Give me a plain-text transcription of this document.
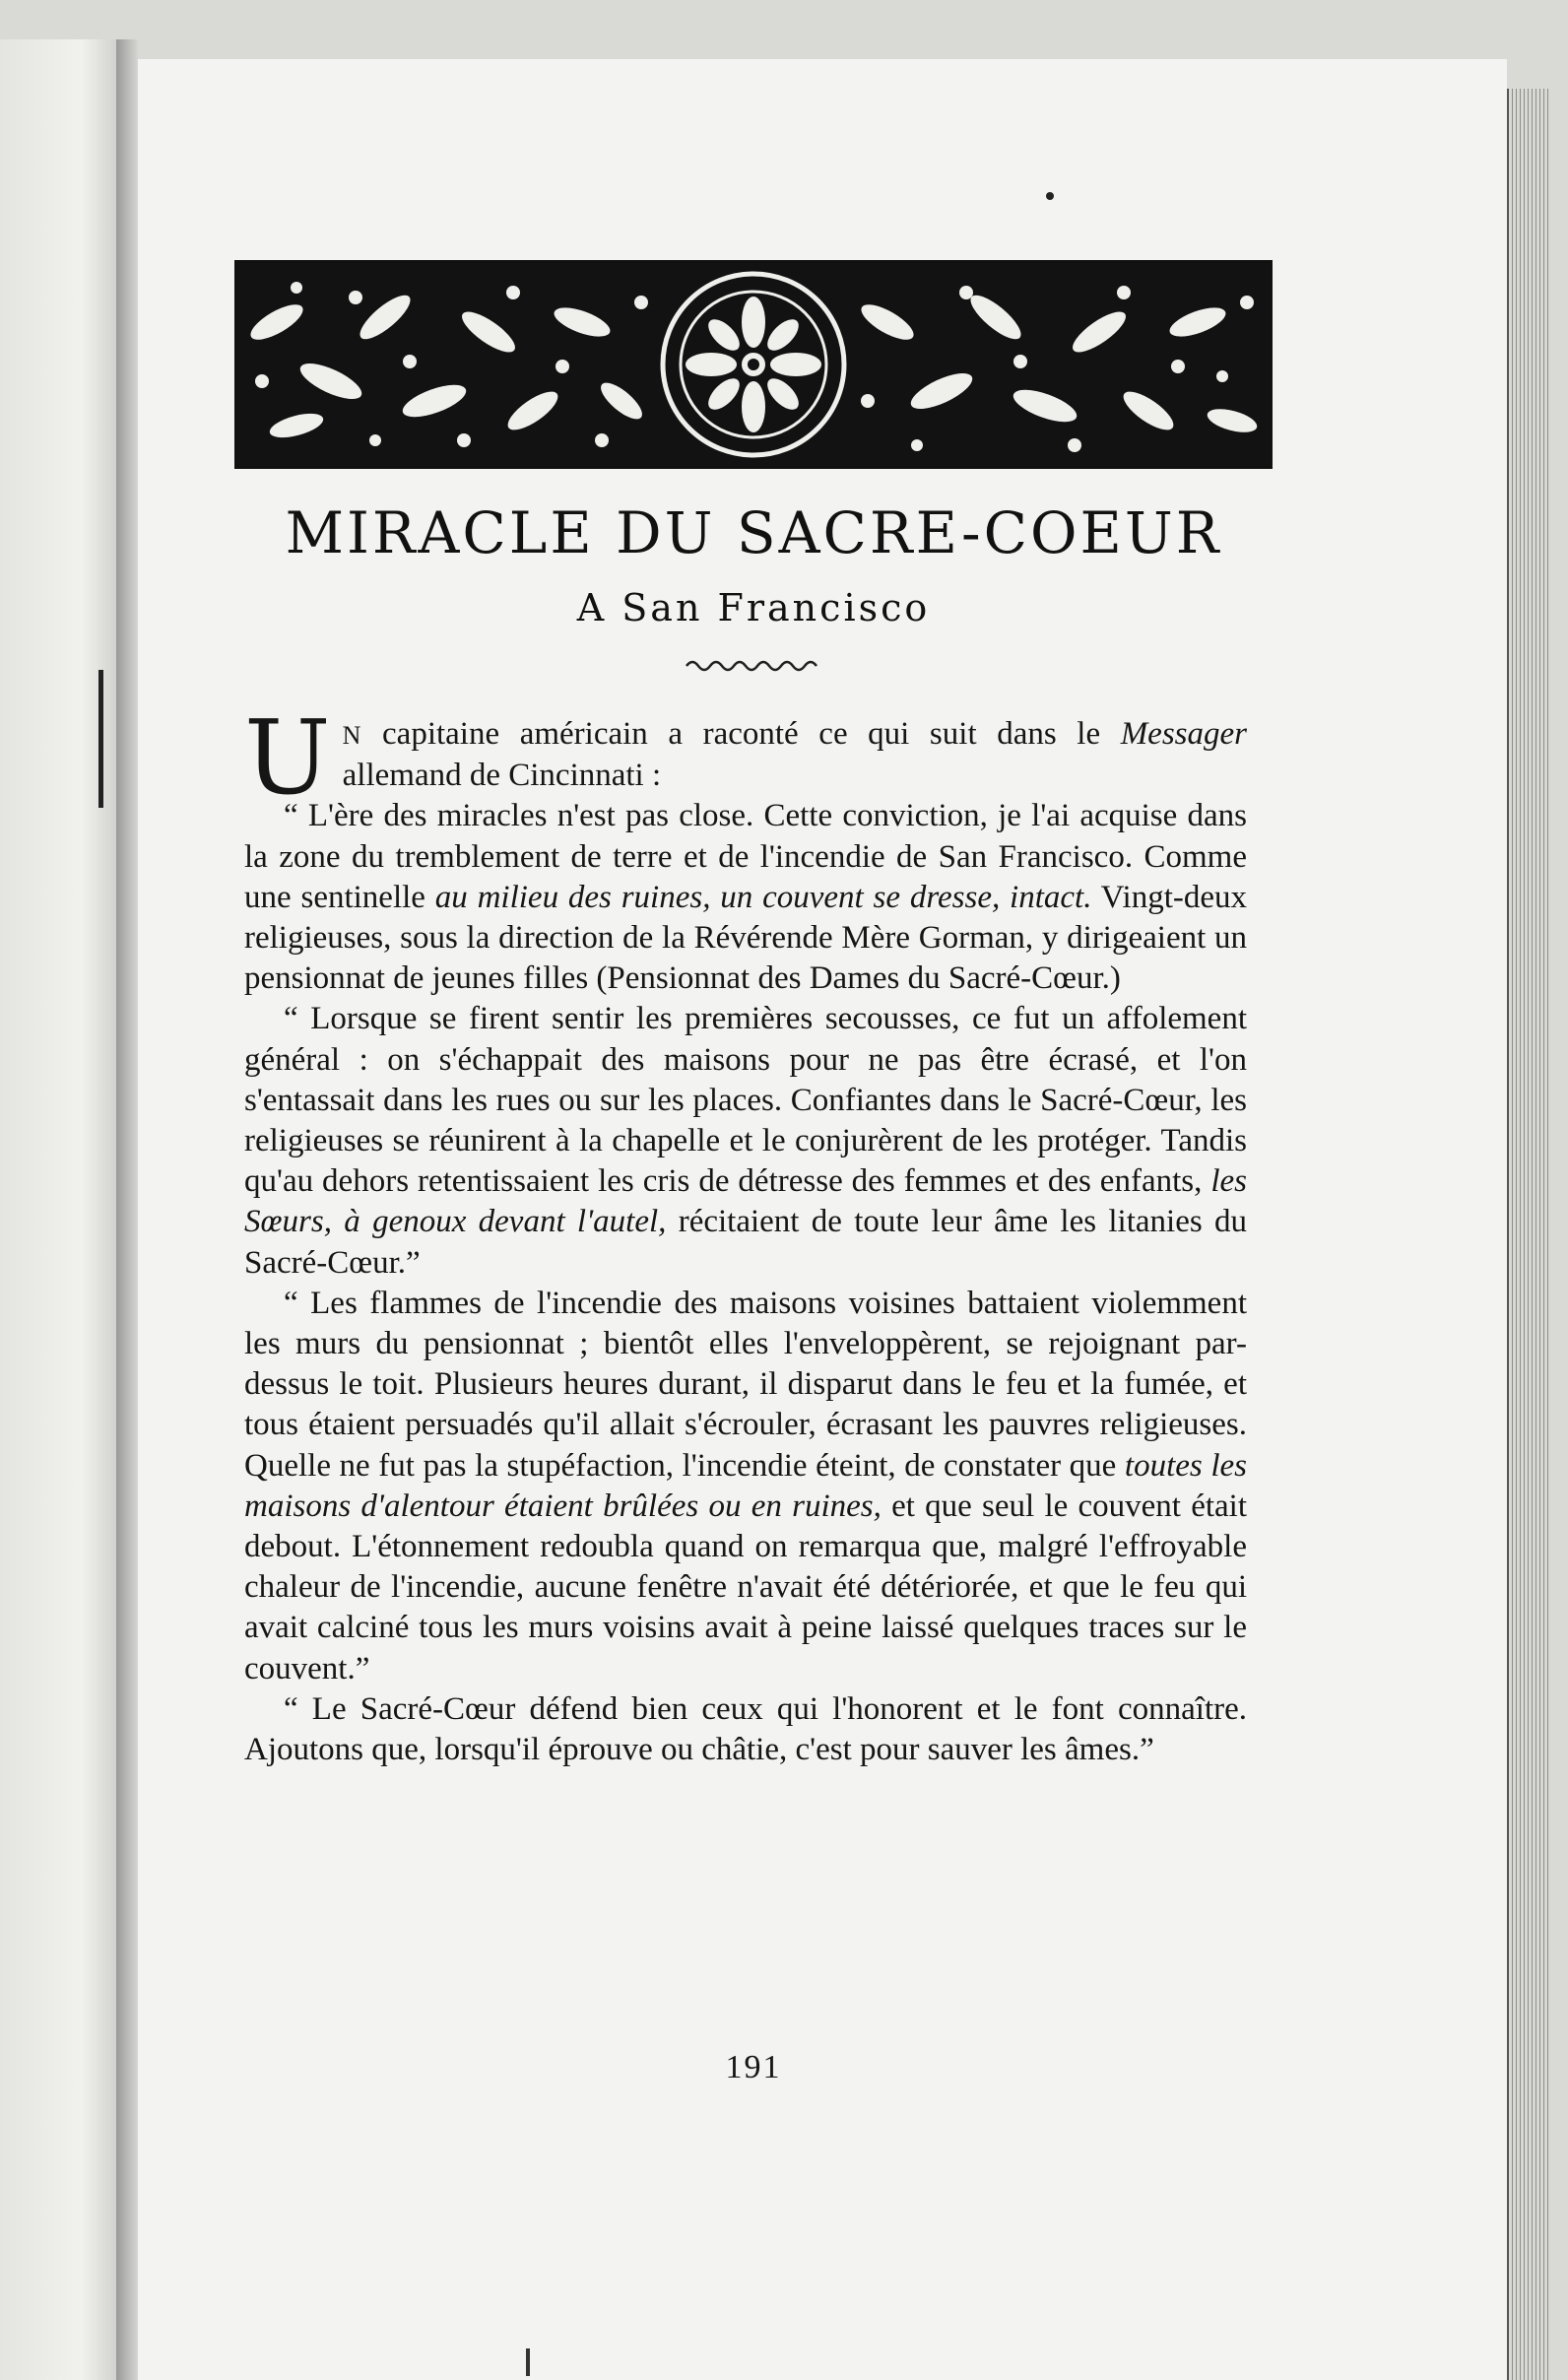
MIRACLE DU SACRE-COEUR
A San Francisco

U N capitaine américain a raconté ce qui suit dans le Messager allemand de Cincinnati :

“ L'ère des miracles n'est pas close. Cette conviction, je l'ai acquise dans la zone du tremblement de terre et de l'incendie de San Francisco. Comme une sentinelle au milieu des ruines, un couvent se dresse, intact. Vingt-deux religieuses, sous la direction de la Révérende Mère Gorman, y dirigeaient un pensionnat de jeunes filles (Pensionnat des Dames du Sacré-Cœur.)

“ Lorsque se firent sentir les premières secousses, ce fut un affolement général : on s'échappait des maisons pour ne pas être écrasé, et l'on s'entassait dans les rues ou sur les places. Confiantes dans le Sacré-Cœur, les religieuses se réunirent à la chapelle et le conjurèrent de les protéger. Tandis qu'au dehors retentissaient les cris de détresse des femmes et des enfants, les Sœurs, à genoux devant l'autel, récitaient de toute leur âme les litanies du Sacré-Cœur.”

“ Les flammes de l'incendie des maisons voisines battaient violemment les murs du pensionnat ; bientôt elles l'enveloppèrent, se rejoignant par-dessus le toit. Plusieurs heures durant, il disparut dans le feu et la fumée, et tous étaient persuadés qu'il allait s'écrouler, écrasant les pauvres religieuses. Quelle ne fut pas la stupéfaction, l'incendie éteint, de constater que toutes les maisons d'alentour étaient brûlées ou en ruines, et que seul le couvent était debout. L'étonnement redoubla quand on remarqua que, malgré l'effroyable chaleur de l'incendie, aucune fenêtre n'avait été détériorée, et que le feu qui avait calciné tous les murs voisins avait à peine laissé quelques traces sur le couvent.”

“ Le Sacré-Cœur défend bien ceux qui l'honorent et le font connaître. Ajoutons que, lorsqu'il éprouve ou châtie, c'est pour sauver les âmes.”

191
